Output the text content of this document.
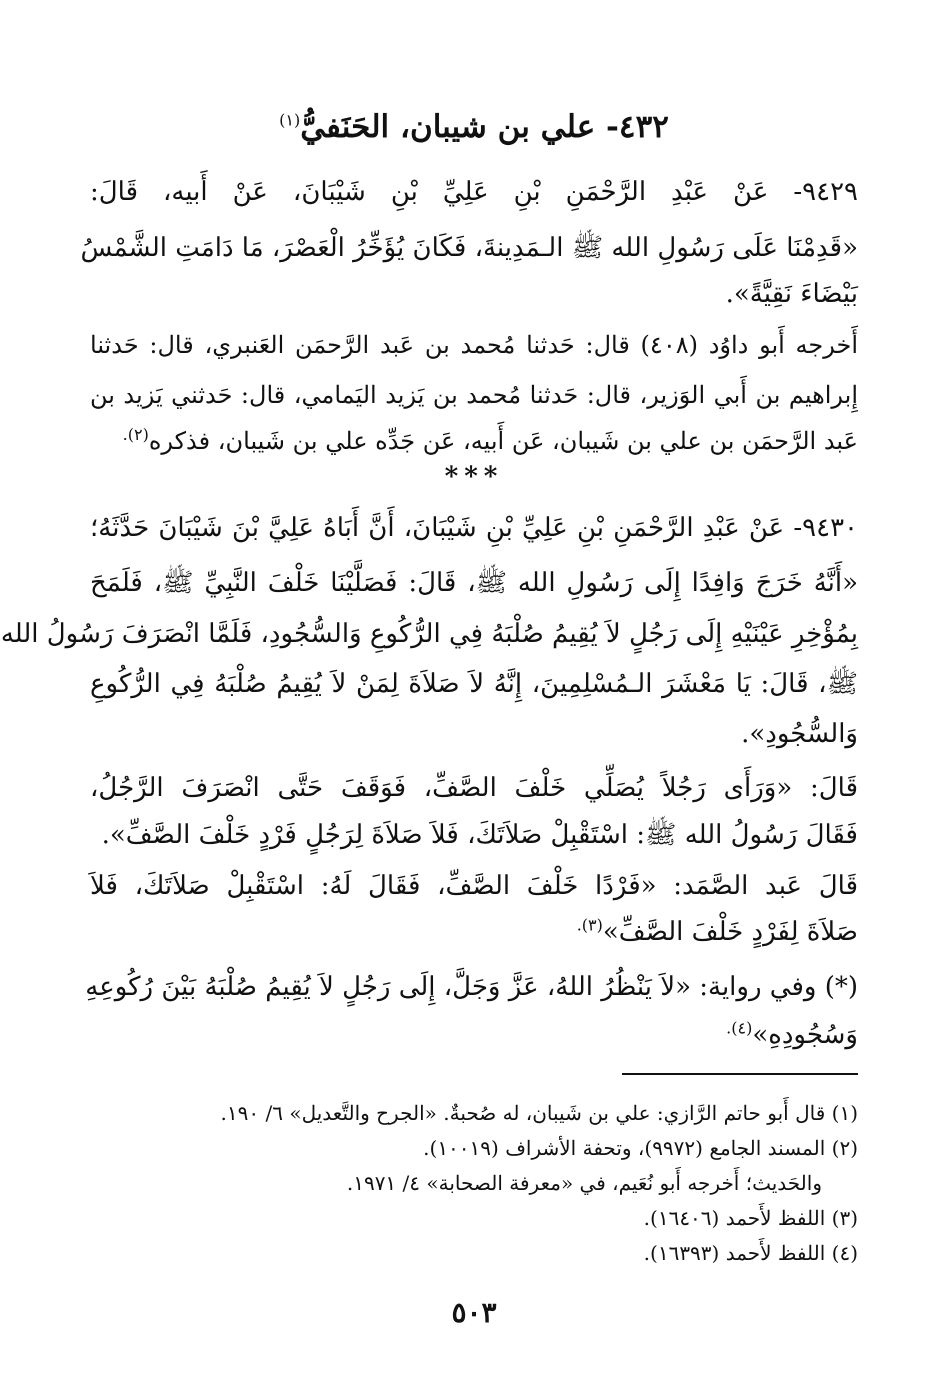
٤٣٢- علي بن شيبان، الحَنَفيُّ$^{(١)}$
٩٤٢٩- عَنْ عَبْدِ الرَّحْمَنِ بْنِ عَلِيِّ بْنِ شَيْبَانَ، عَنْ أَبيه، قَالَ:
«قَدِمْنَا عَلَى رَسُولِ الله ﷺ الـمَدِينةَ، فَكَانَ يُؤَخِّرُ الْعَصْرَ، مَا دَامَتِ الشَّمْسُ
بَيْضَاءَ نَقِيَّةً».
أَخرجه أَبو داوُد (٤٠٨) قال: حَدثنا مُحمد بن عَبد الرَّحمَن العَنبري، قال: حَدثنا
إِبراهيم بن أَبي الوَزير، قال: حَدثنا مُحمد بن يَزيد اليَمامي، قال: حَدثني يَزيد بن
عَبد الرَّحمَن بن علي بن شَيبان، عَن أَبيه، عَن جَدِّه علي بن شَيبان، فذكره$^{(٢).}$
***
٩٤٣٠- عَنْ عَبْدِ الرَّحْمَنِ بْنِ عَلِيِّ بْنِ شَيْبَانَ، أَنَّ أَبَاهُ عَلِيَّ بْنَ شَيْبَانَ حَدَّثَهُ؛
«أَنَّهُ خَرَجَ وَافِدًا إِلَى رَسُولِ الله ﷺ، قَالَ: فَصَلَّيْنَا خَلْفَ النَّبِيِّ ﷺ، فَلَمَحَ
بِمُؤْخِرِ عَيْنَيْهِ إِلَى رَجُلٍ لاَ يُقِيمُ صُلْبَهُ فِي الرُّكُوعِ وَالسُّجُودِ، فَلَمَّا انْصَرَفَ رَسُولُ الله
ﷺ، قَالَ: يَا مَعْشَرَ الـمُسْلِمِينَ، إِنَّهُ لاَ صَلاَةَ لِمَنْ لاَ يُقِيمُ صُلْبَهُ فِي الرُّكُوعِ
وَالسُّجُودِ».
قَالَ: «وَرَأَى رَجُلاً يُصَلِّي خَلْفَ الصَّفِّ، فَوَقَفَ حَتَّى انْصَرَفَ الرَّجُلُ،
فَقَالَ رَسُولُ الله ﷺ: اسْتَقْبِلْ صَلاَتَكَ، فَلاَ صَلاَةَ لِرَجُلٍ فَرْدٍ خَلْفَ الصَّفِّ».
قَالَ عَبد الصَّمَد: «فَرْدًا خَلْفَ الصَّفِّ، فَقَالَ لَهُ: اسْتَقْبِلْ صَلاَتَكَ، فَلاَ
صَلاَةَ لِفَرْدٍ خَلْفَ الصَّفِّ»$^{(٣).}$
(*) وفي رواية: «لاَ يَنْظُرُ اللهُ، عَزَّ وَجَلَّ، إِلَى رَجُلٍ لاَ يُقِيمُ صُلْبَهُ بَيْنَ رُكُوعِهِ
وَسُجُودِهِ»$^{(٤).}$
(١) قال أَبو حاتم الرَّازي: علي بن شَيبان، له صُحبةٌ. «الجرح والتَّعديل» ٦/ ١٩٠.
(٢) المسند الجامع (٩٩٧٢)، وتحفة الأشراف (١٠٠١٩).
والحَديث؛ أَخرجه أَبو نُعَيم، في «معرفة الصحابة» ٤/ ١٩٧١.
(٣) اللفظ لأَحمد (١٦٤٠٦).
(٤) اللفظ لأَحمد (١٦٣٩٣).
٥٠٣
